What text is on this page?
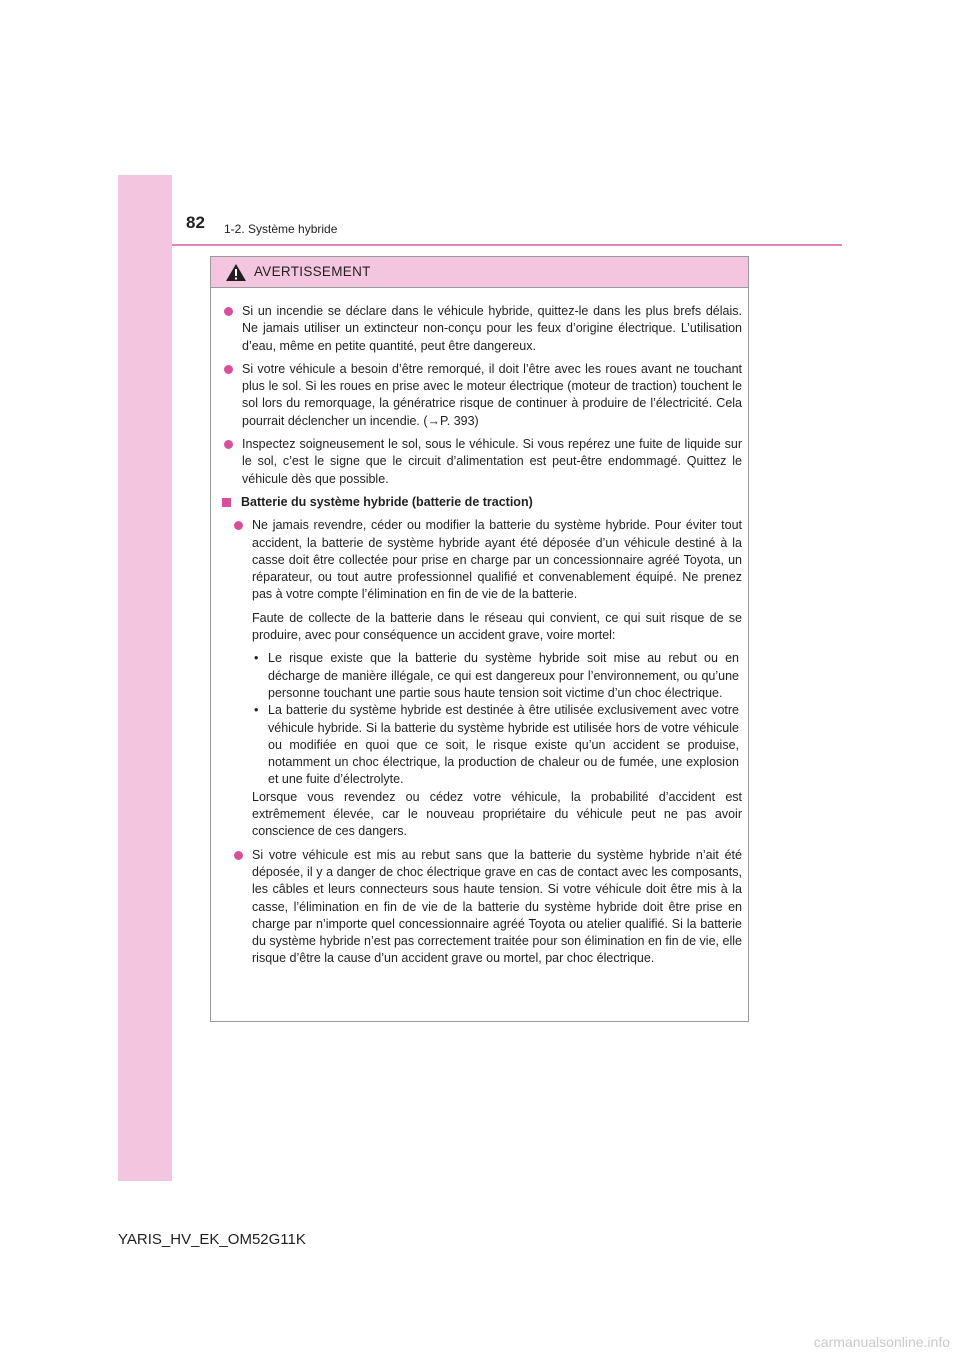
82 1-2. Système hybride
AVERTISSEMENT
Si un incendie se déclare dans le véhicule hybride, quittez-le dans les plus brefs délais. Ne jamais utiliser un extincteur non-conçu pour les feux d’origine électrique. L’utilisation d’eau, même en petite quantité, peut être dangereux.
Si votre véhicule a besoin d’être remorqué, il doit l’être avec les roues avant ne touchant plus le sol. Si les roues en prise avec le moteur électrique (moteur de traction) touchent le sol lors du remorquage, la génératrice risque de continuer à produire de l’électricité. Cela pourrait déclencher un incendie. (→P. 393)
Inspectez soigneusement le sol, sous le véhicule. Si vous repérez une fuite de liquide sur le sol, c’est le signe que le circuit d’alimentation est peut-être endommagé. Quittez le véhicule dès que possible.
Batterie du système hybride (batterie de traction)
Ne jamais revendre, céder ou modifier la batterie du système hybride. Pour éviter tout accident, la batterie de système hybride ayant été déposée d’un véhicule destiné à la casse doit être collectée pour prise en charge par un concessionnaire agréé Toyota, un réparateur, ou tout autre professionnel qualifié et convenablement équipé. Ne prenez pas à votre compte l’élimination en fin de vie de la batterie.
Faute de collecte de la batterie dans le réseau qui convient, ce qui suit risque de se produire, avec pour conséquence un accident grave, voire mortel:
• Le risque existe que la batterie du système hybride soit mise au rebut ou en décharge de manière illégale, ce qui est dangereux pour l’environnement, ou qu’une personne touchant une partie sous haute tension soit victime d’un choc électrique.
• La batterie du système hybride est destinée à être utilisée exclusivement avec votre véhicule hybride. Si la batterie du système hybride est utilisée hors de votre véhicule ou modifiée en quoi que ce soit, le risque existe qu’un accident se produise, notamment un choc électrique, la production de chaleur ou de fumée, une explosion et une fuite d’électrolyte.
Lorsque vous revendez ou cédez votre véhicule, la probabilité d’accident est extrêmement élevée, car le nouveau propriétaire du véhicule peut ne pas avoir conscience de ces dangers.
Si votre véhicule est mis au rebut sans que la batterie du système hybride n’ait été déposée, il y a danger de choc électrique grave en cas de contact avec les composants, les câbles et leurs connecteurs sous haute tension. Si votre véhicule doit être mis à la casse, l’élimination en fin de vie de la batterie du système hybride doit être prise en charge par n’importe quel concessionnaire agréé Toyota ou atelier qualifié. Si la batterie du système hybride n’est pas correctement traitée pour son élimination en fin de vie, elle risque d’être la cause d’un accident grave ou mortel, par choc électrique.
YARIS_HV_EK_OM52G11K
carmanualsonline.info
